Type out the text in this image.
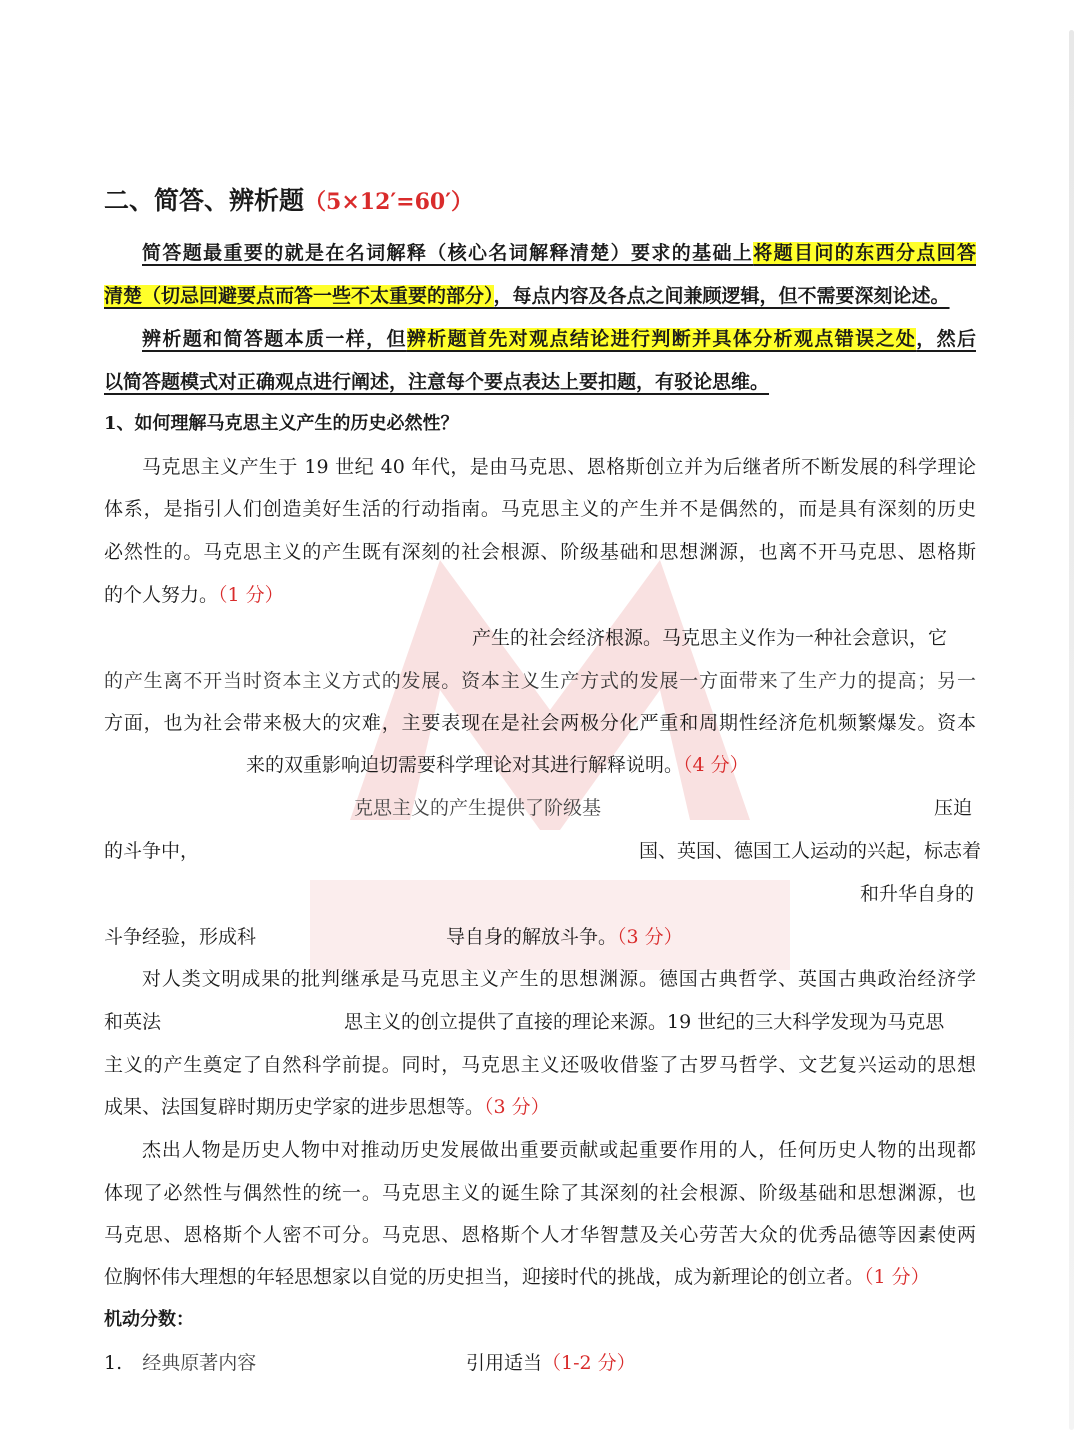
二、简答、辨析题（5×12′=60′）
简答题最重要的就是在名词解释（核心名词解释清楚）要求的基础上将题目问的东西分点回答
清楚（切忌回避要点而答一些不太重要的部分），每点内容及各点之间兼顾逻辑，但不需要深刻论述。
辨析题和简答题本质一样，但辨析题首先对观点结论进行判断并具体分析观点错误之处，然后
以简答题模式对正确观点进行阐述，注意每个要点表达上要扣题，有驳论思维。
1、如何理解马克思主义产生的历史必然性？
马克思主义产生于 19 世纪 40 年代，是由马克思、恩格斯创立并为后继者所不断发展的科学理论
体系，是指引人们创造美好生活的行动指南。马克思主义的产生并不是偶然的，而是具有深刻的历史
必然性的。马克思主义的产生既有深刻的社会根源、阶级基础和思想渊源，也离不开马克思、恩格斯
的个人努力。（1 分）
产生的社会经济根源。马克思主义作为一种社会意识，它
的产生离不开当时资本主义方式的发展。资本主义生产方式的发展一方面带来了生产力的提高；另一
方面，也为社会带来极大的灾难，主要表现在是社会两极分化严重和周期性经济危机频繁爆发。资本
来的双重影响迫切需要科学理论对其进行解释说明。（4 分）
克思主义的产生提供了阶级基	压迫
的斗争中，	国、英国、德国工人运动的兴起，标志着
和升华自身的
斗争经验，形成科	导自身的解放斗争。（3 分）
对人类文明成果的批判继承是马克思主义产生的思想渊源。德国古典哲学、英国古典政治经济学
和英法	思主义的创立提供了直接的理论来源。19 世纪的三大科学发现为马克思
主义的产生奠定了自然科学前提。同时，马克思主义还吸收借鉴了古罗马哲学、文艺复兴运动的思想
成果、法国复辟时期历史学家的进步思想等。（3 分）
杰出人物是历史人物中对推动历史发展做出重要贡献或起重要作用的人，任何历史人物的出现都
体现了必然性与偶然性的统一。马克思主义的诞生除了其深刻的社会根源、阶级基础和思想渊源，也
马克思、恩格斯个人密不可分。马克思、恩格斯个人才华智慧及关心劳苦大众的优秀品德等因素使两
位胸怀伟大理想的年轻思想家以自觉的历史担当，迎接时代的挑战，成为新理论的创立者。（1 分）
机动分数：
1. 经典原著内容	引用适当（1-2 分）
